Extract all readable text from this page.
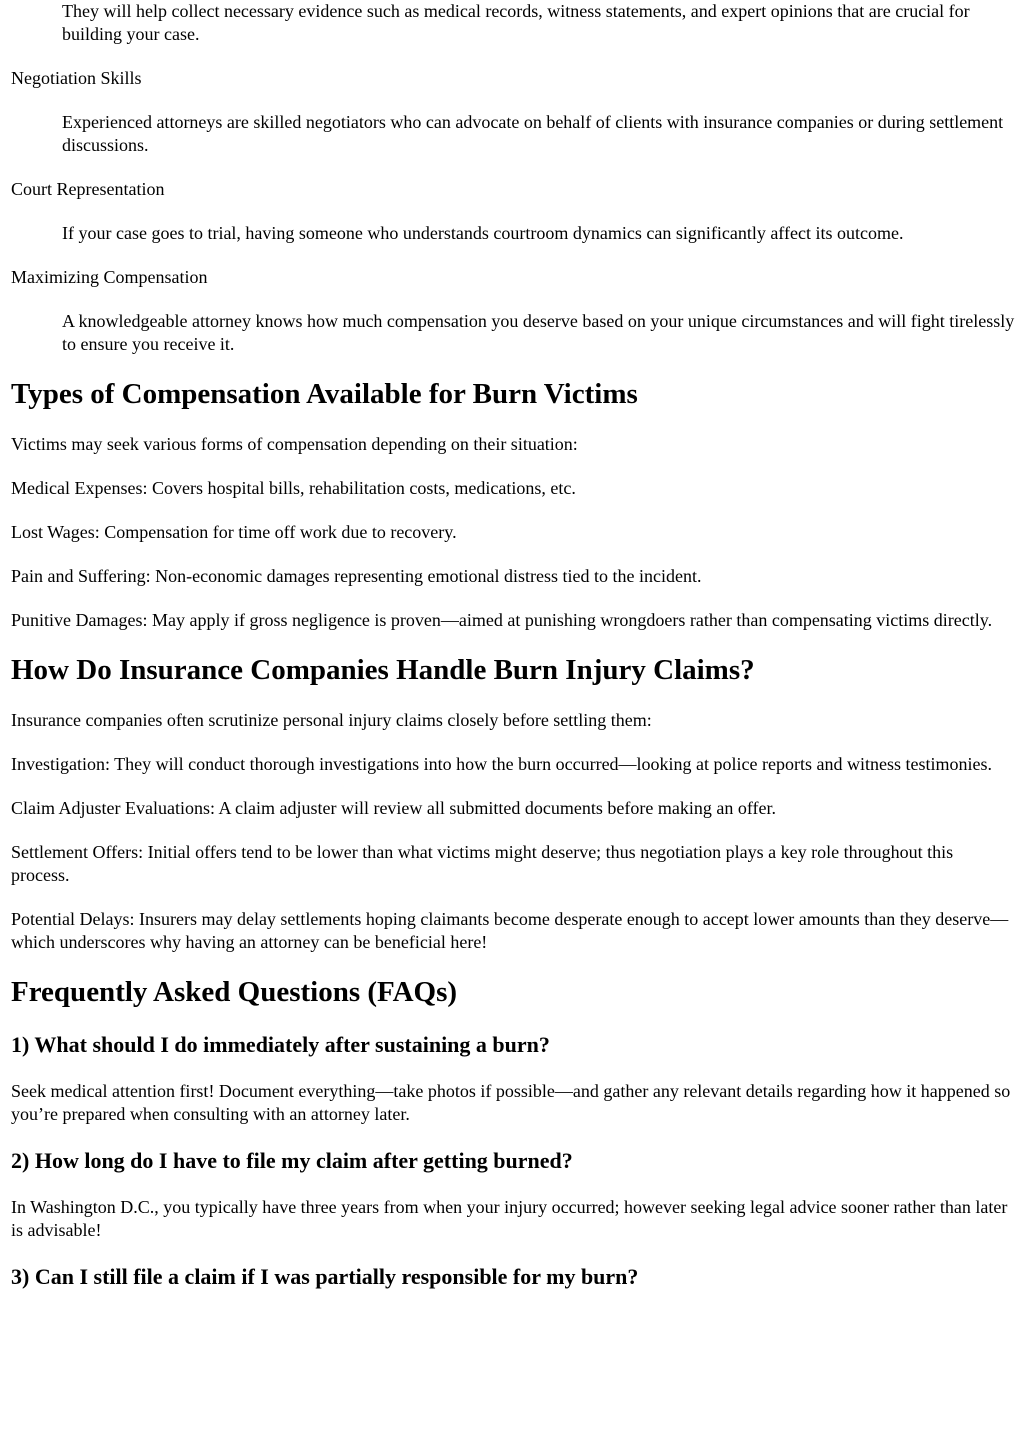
They will help collect necessary evidence such as medical records, witness statements, and expert opinions that are crucial for building your case.
Negotiation Skills
Experienced attorneys are skilled negotiators who can advocate on behalf of clients with insurance companies or during settlement discussions.
Court Representation
If your case goes to trial, having someone who understands courtroom dynamics can significantly affect its outcome.
Maximizing Compensation
A knowledgeable attorney knows how much compensation you deserve based on your unique circumstances and will fight tirelessly to ensure you receive it.
Types of Compensation Available for Burn Victims

Victims may seek various forms of compensation depending on their situation:

Medical Expenses: Covers hospital bills, rehabilitation costs, medications, etc.

Lost Wages: Compensation for time off work due to recovery.

Pain and Suffering: Non-economic damages representing emotional distress tied to the incident.

Punitive Damages: May apply if gross negligence is proven—aimed at punishing wrongdoers rather than compensating victims directly.

How Do Insurance Companies Handle Burn Injury Claims?

Insurance companies often scrutinize personal injury claims closely before settling them:

Investigation: They will conduct thorough investigations into how the burn occurred—looking at police reports and witness testimonies.

Claim Adjuster Evaluations: A claim adjuster will review all submitted documents before making an offer.

Settlement Offers: Initial offers tend to be lower than what victims might deserve; thus negotiation plays a key role throughout this process.

Potential Delays: Insurers may delay settlements hoping claimants become desperate enough to accept lower amounts than they deserve—which underscores why having an attorney can be beneficial here!

Frequently Asked Questions (FAQs)
1) What should I do immediately after sustaining a burn?

Seek medical attention first! Document everything—take photos if possible—and gather any relevant details regarding how it happened so you’re prepared when consulting with an attorney later.

2) How long do I have to file my claim after getting burned?

In Washington D.C., you typically have three years from when your injury occurred; however seeking legal advice sooner rather than later is advisable!

3) Can I still file a claim if I was partially responsible for my burn?
